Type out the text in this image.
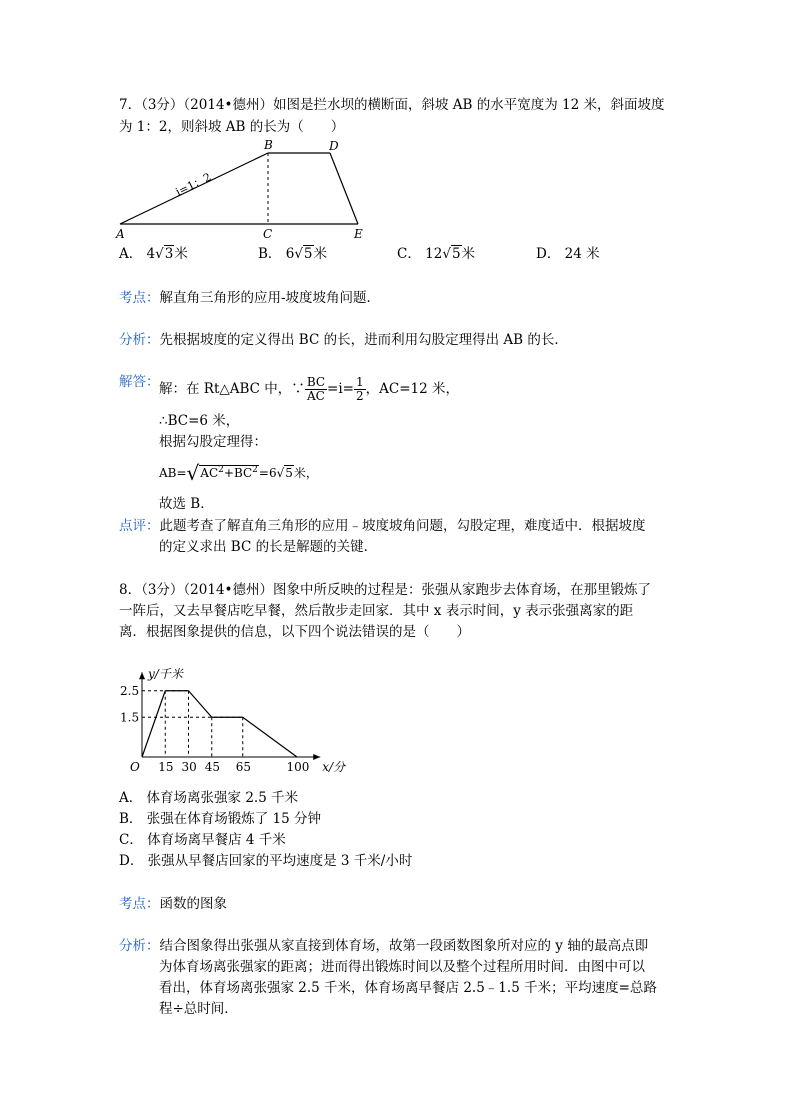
7．（3分）（2014•德州）如图是拦水坝的横断面，斜坡 AB 的水平宽度为 12 米，斜面坡度
为 1：2，则斜坡 AB 的长为（　　）
B	D
A	C	E
i=1：2
A． 4√3米	B． 6√5米	C． 12√5米	D． 24 米
考点：解直角三角形的应用-坡度坡角问题．
分析：先根据坡度的定义得出 BC 的长，进而利用勾股定理得出 AB 的长．
解答： 解：在 Rt△ABC 中，∵ $\frac{BC}{AC} =i= \frac{1}{2}$ ，AC=12 米，
∴BC=6 米，
根据勾股定理得：
$AB=√AC^2+BC^2=6√5$米，
故选 B．
点评：此题考查了解直角三角形的应用﹣坡度坡角问题，勾股定理，难度适中．根据坡度
的定义求出 BC 的长是解题的关键．
8．（3分）（2014•德州）图象中所反映的过程是：张强从家跑步去体育场，在那里锻炼了
一阵后，又去早餐店吃早餐，然后散步走回家．其中 x 表示时间，y 表示张强离家的距
离．根据图象提供的信息，以下四个说法错误的是（　　）
y/千米
x/分
O
2.5
1.5
15 30 45 65	100
A． 体育场离张强家 2.5 千米
B． 张强在体育场锻炼了 15 分钟
C． 体育场离早餐店 4 千米
D． 张强从早餐店回家的平均速度是 3 千米/小时
考点：函数的图象
分析：结合图象得出张强从家直接到体育场，故第一段函数图象所对应的 y 轴的最高点即
为体育场离张强家的距离；进而得出锻炼时间以及整个过程所用时间．由图中可以
看出，体育场离张强家 2.5 千米，体育场离早餐店 2.5﹣1.5 千米；平均速度=总路
程÷总时间．
